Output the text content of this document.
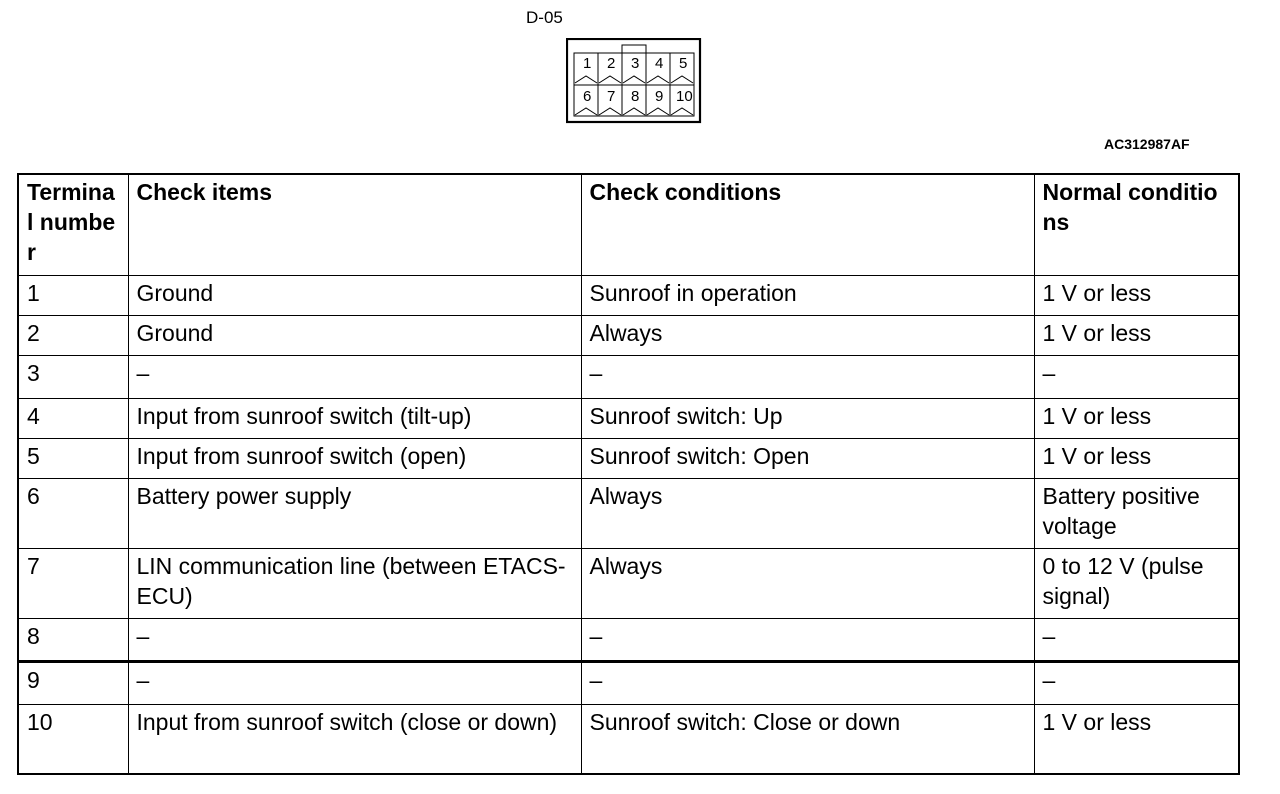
D-05
1 2 3 4 5
6 7 8 9 10
AC312987AF
Terminal number	Check items	Check conditions	Normal conditions
1	Ground	Sunroof in operation	1 V or less
2	Ground	Always	1 V or less
3	–	–	–
4	Input from sunroof switch (tilt-up)	Sunroof switch: Up	1 V or less
5	Input from sunroof switch (open)	Sunroof switch: Open	1 V or less
6	Battery power supply	Always	Battery positive voltage
7	LIN communication line (between ETACS-ECU)	Always	0 to 12 V (pulse signal)
8	–	–	–
9	–	–	–
10	Input from sunroof switch (close or down)	Sunroof switch: Close or down	1 V or less
